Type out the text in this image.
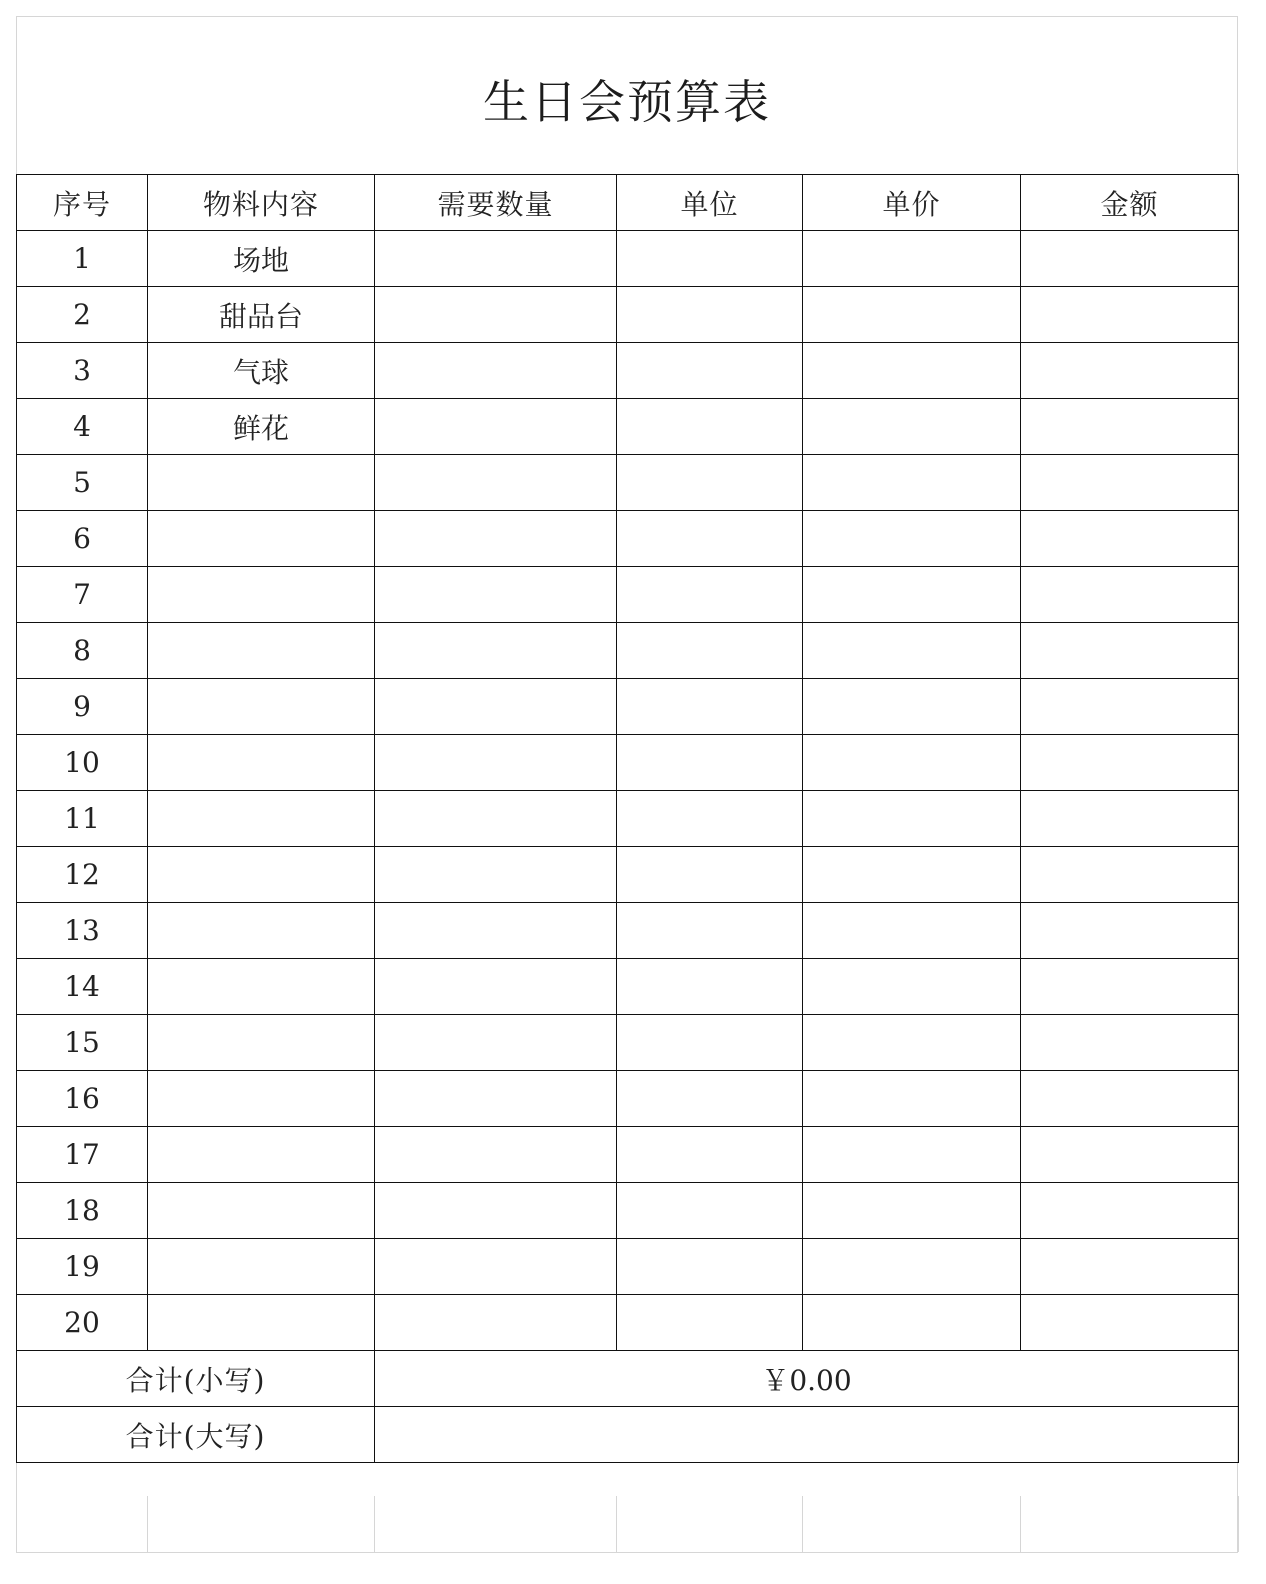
生日会预算表
序号	物料内容	需要数量	单位	单价	金额
1	场地				
2	甜品台				
3	气球				
4	鲜花				
5					
6					
7					
8					
9					
10					
11					
12					
13					
14					
15					
16					
17					
18					
19					
20					
合计(小写)		￥0.00			
合计(大写)					
